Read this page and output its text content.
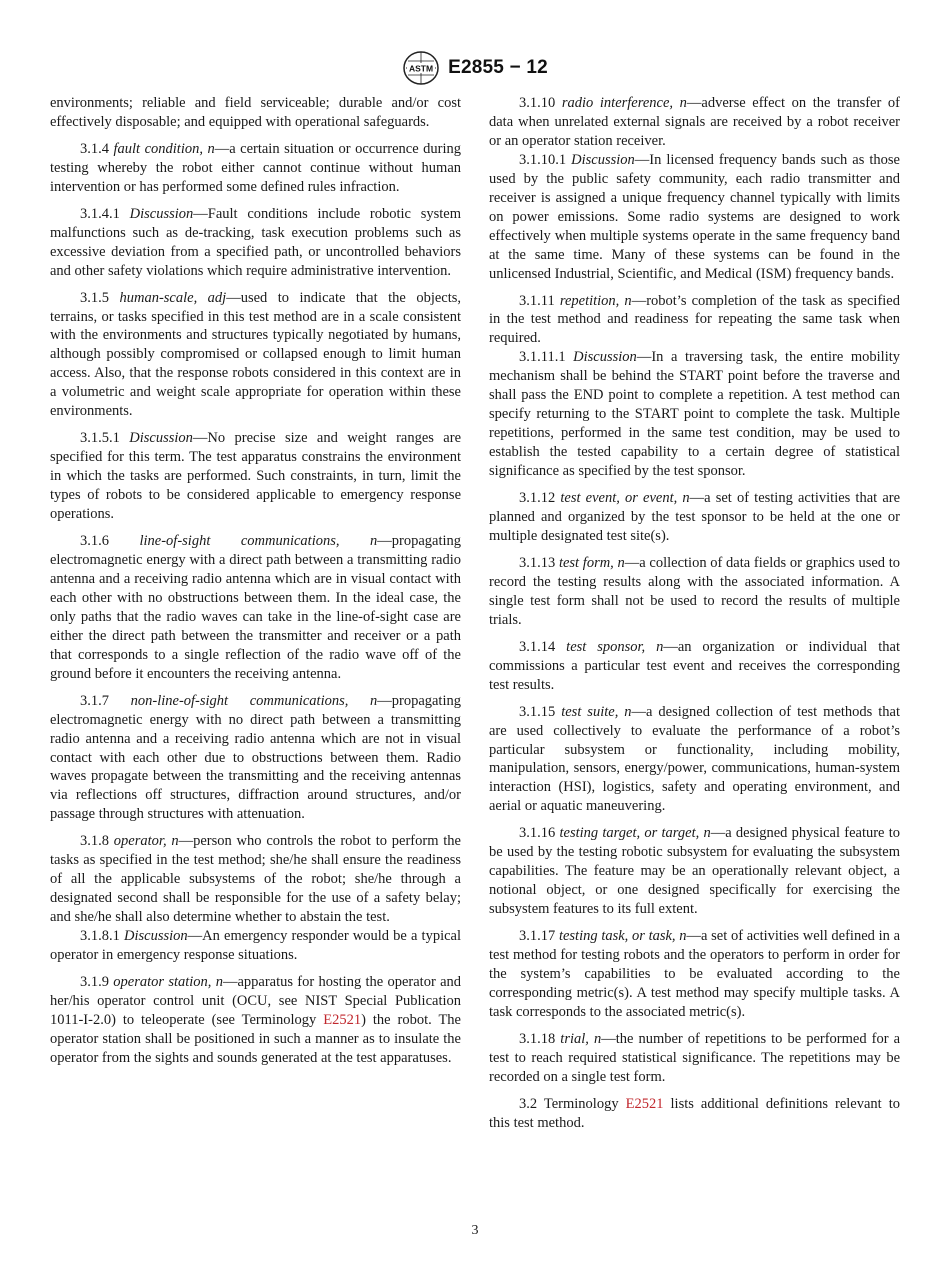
ASTM E2855 − 12

environments; reliable and field serviceable; durable and/or cost effectively disposable; and equipped with operational safeguards.

3.1.4 fault condition, n—a certain situation or occurrence during testing whereby the robot either cannot continue without human intervention or has performed some defined rules infraction.

3.1.4.1 Discussion—Fault conditions include robotic system malfunctions such as de-tracking, task execution problems such as excessive deviation from a specified path, or uncontrolled behaviors and other safety violations which require administrative intervention.

3.1.5 human-scale, adj—used to indicate that the objects, terrains, or tasks specified in this test method are in a scale consistent with the environments and structures typically negotiated by humans, although possibly compromised or collapsed enough to limit human access. Also, that the response robots considered in this context are in a volumetric and weight scale appropriate for operation within these environments.

3.1.5.1 Discussion—No precise size and weight ranges are specified for this term. The test apparatus constrains the environment in which the tasks are performed. Such constraints, in turn, limit the types of robots to be considered applicable to emergency response operations.

3.1.6 line-of-sight communications, n—propagating electromagnetic energy with a direct path between a transmitting radio antenna and a receiving radio antenna which are in visual contact with each other with no obstructions between them. In the ideal case, the only paths that the radio waves can take in the line-of-sight case are either the direct path between the transmitter and receiver or a path that corresponds to a single reflection of the radio wave off of the ground before it encounters the receiving antenna.

3.1.7 non-line-of-sight communications, n—propagating electromagnetic energy with no direct path between a transmitting radio antenna and a receiving radio antenna which are not in visual contact with each other due to obstructions between them. Radio waves propagate between the transmitting and the receiving antennas via reflections off structures, diffraction around structures, and/or passage through structures with attenuation.

3.1.8 operator, n—person who controls the robot to perform the tasks as specified in the test method; she/he shall ensure the readiness of all the applicable subsystems of the robot; she/he through a designated second shall be responsible for the use of a safety belay; and she/he shall also determine whether to abstain the test.

3.1.8.1 Discussion—An emergency responder would be a typical operator in emergency response situations.

3.1.9 operator station, n—apparatus for hosting the operator and her/his operator control unit (OCU, see NIST Special Publication 1011-I-2.0) to teleoperate (see Terminology E2521) the robot. The operator station shall be positioned in such a manner as to insulate the operator from the sights and sounds generated at the test apparatuses.

3.1.10 radio interference, n—adverse effect on the transfer of data when unrelated external signals are received by a robot receiver or an operator station receiver.

3.1.10.1 Discussion—In licensed frequency bands such as those used by the public safety community, each radio transmitter and receiver is assigned a unique frequency channel typically with limits on power emissions. Some radio systems are designed to work effectively when multiple systems operate in the same frequency band at the same time. Many of these systems can be found in the unlicensed Industrial, Scientific, and Medical (ISM) frequency bands.

3.1.11 repetition, n—robot’s completion of the task as specified in the test method and readiness for repeating the same task when required.

3.1.11.1 Discussion—In a traversing task, the entire mobility mechanism shall be behind the START point before the traverse and shall pass the END point to complete a repetition. A test method can specify returning to the START point to complete the task. Multiple repetitions, performed in the same test condition, may be used to establish the tested capability to a certain degree of statistical significance as specified by the test sponsor.

3.1.12 test event, or event, n—a set of testing activities that are planned and organized by the test sponsor to be held at the one or multiple designated test site(s).

3.1.13 test form, n—a collection of data fields or graphics used to record the testing results along with the associated information. A single test form shall not be used to record the results of multiple trials.

3.1.14 test sponsor, n—an organization or individual that commissions a particular test event and receives the corresponding test results.

3.1.15 test suite, n—a designed collection of test methods that are used collectively to evaluate the performance of a robot’s particular subsystem or functionality, including mobility, manipulation, sensors, energy/power, communications, human-system interaction (HSI), logistics, safety and operating environment, and aerial or aquatic maneuvering.

3.1.16 testing target, or target, n—a designed physical feature to be used by the testing robotic subsystem for evaluating the subsystem capabilities. The feature may be an operationally relevant object, a notional object, or one designed specifically for exercising the subsystem features to its full extent.

3.1.17 testing task, or task, n—a set of activities well defined in a test method for testing robots and the operators to perform in order for the system’s capabilities to be evaluated according to the corresponding metric(s). A test method may specify multiple tasks. A task corresponds to the associated metric(s).

3.1.18 trial, n—the number of repetitions to be performed for a test to reach required statistical significance. The repetitions may be recorded on a single test form.

3.2 Terminology E2521 lists additional definitions relevant to this test method.

3
